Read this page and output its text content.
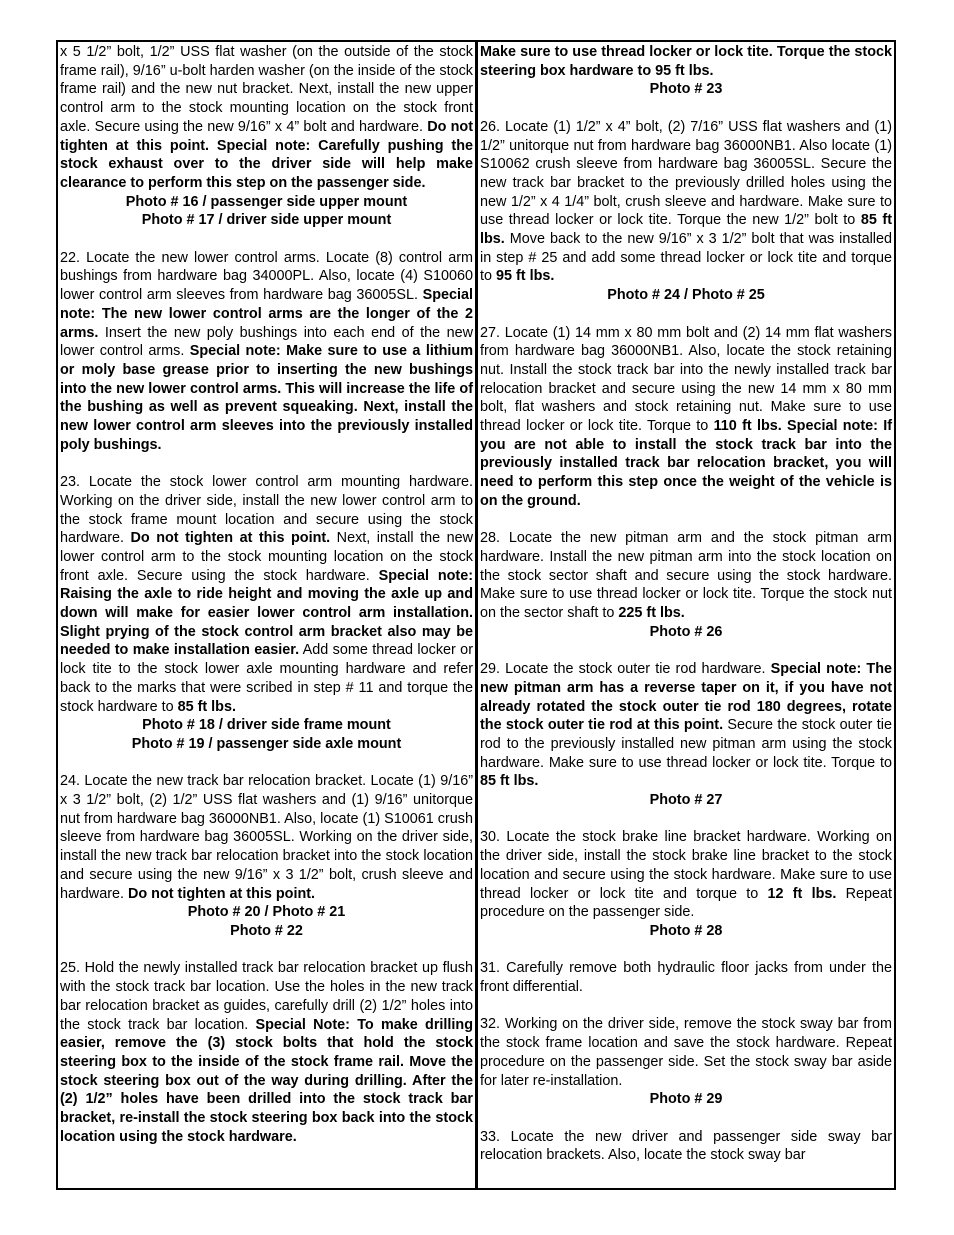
x 5 1/2” bolt, 1/2” USS flat washer (on the outside of the stock frame rail), 9/16” u-bolt harden washer (on the inside of the stock frame rail) and the new nut bracket. Next, install the new upper control arm to the stock mounting location on the stock front axle. Secure using the new 9/16” x 4” bolt and hardware. Do not tighten at this point. Special note: Carefully pushing the stock exhaust over to the driver side will help make clearance to perform this step on the passenger side.

Photo # 16 / passenger side upper mount
Photo # 17 / driver side upper mount

22. Locate the new lower control arms. Locate (8) control arm bushings from hardware bag 34000PL. Also, locate (4) S10060 lower control arm sleeves from hardware bag 36005SL. Special note: The new lower control arms are the longer of the 2 arms. Insert the new poly bushings into each end of the new lower control arms. Special note: Make sure to use a lithium or moly base grease prior to inserting the new bushings into the new lower control arms. This will increase the life of the bushing as well as prevent squeaking. Next, install the new lower control arm sleeves into the previously installed poly bushings.

23. Locate the stock lower control arm mounting hardware. Working on the driver side, install the new lower control arm to the stock frame mount location and secure using the stock hardware. Do not tighten at this point. Next, install the new lower control arm to the stock mounting location on the stock front axle. Secure using the stock hardware. Special note: Raising the axle to ride height and moving the axle up and down will make for easier lower control arm installation. Slight prying of the stock control arm bracket also may be needed to make installation easier. Add some thread locker or lock tite to the stock lower axle mounting hardware and refer back to the marks that were scribed in step # 11 and torque the stock hardware to 85 ft lbs.

Photo # 18 / driver side frame mount
Photo # 19 / passenger side axle mount

24. Locate the new track bar relocation bracket. Locate (1) 9/16” x 3 1/2” bolt, (2) 1/2” USS flat washers and (1) 9/16” unitorque nut from hardware bag 36000NB1. Also, locate (1) S10061 crush sleeve from hardware bag 36005SL. Working on the driver side, install the new track bar relocation bracket into the stock location and secure using the new 9/16” x 3 1/2” bolt, crush sleeve and hardware. Do not tighten at this point.

Photo # 20 / Photo # 21
Photo # 22

25. Hold the newly installed track bar relocation bracket up flush with the stock track bar location. Use the holes in the new track bar relocation bracket as guides, carefully drill (2) 1/2” holes into the stock track bar location. Special Note: To make drilling easier, remove the (3) stock bolts that hold the stock steering box to the inside of the stock frame rail. Move the stock steering box out of the way during drilling. After the (2) 1/2” holes have been drilled into the stock track bar bracket, re-install the stock steering box back into the stock location using the stock hardware.

Make sure to use thread locker or lock tite. Torque the stock steering box hardware to 95 ft lbs.

Photo # 23

26. Locate (1) 1/2” x 4” bolt, (2) 7/16” USS flat washers and (1) 1/2” unitorque nut from hardware bag 36000NB1. Also locate (1) S10062 crush sleeve from hardware bag 36005SL. Secure the new track bar bracket to the previously drilled holes using the new 1/2” x 4 1/4” bolt, crush sleeve and hardware. Make sure to use thread locker or lock tite. Torque the new 1/2” bolt to 85 ft lbs. Move back to the new 9/16” x 3 1/2” bolt that was installed in step # 25 and add some thread locker or lock tite and torque to 95 ft lbs.

Photo # 24 / Photo # 25

27. Locate (1) 14 mm x 80 mm bolt and (2) 14 mm flat washers from hardware bag 36000NB1. Also, locate the stock retaining nut. Install the stock track bar into the newly installed track bar relocation bracket and secure using the new 14 mm x 80 mm bolt, flat washers and stock retaining nut. Make sure to use thread locker or lock tite. Torque to 110 ft lbs. Special note: If you are not able to install the stock track bar into the previously installed track bar relocation bracket, you will need to perform this step once the weight of the vehicle is on the ground.

28. Locate the new pitman arm and the stock pitman arm hardware. Install the new pitman arm into the stock location on the stock sector shaft and secure using the stock hardware. Make sure to use thread locker or lock tite. Torque the stock nut on the sector shaft to 225 ft lbs.

Photo # 26

29. Locate the stock outer tie rod hardware. Special note: The new pitman arm has a reverse taper on it, if you have not already rotated the stock outer tie rod 180 degrees, rotate the stock outer tie rod at this point. Secure the stock outer tie rod to the previously installed new pitman arm using the stock hardware. Make sure to use thread locker or lock tite. Torque to 85 ft lbs.

Photo # 27

30. Locate the stock brake line bracket hardware. Working on the driver side, install the stock brake line bracket to the stock location and secure using the stock hardware. Make sure to use thread locker or lock tite and torque to 12 ft lbs. Repeat procedure on the passenger side.

Photo # 28

31. Carefully remove both hydraulic floor jacks from under the front differential.

32. Working on the driver side, remove the stock sway bar from the stock frame location and save the stock hardware. Repeat procedure on the passenger side. Set the stock sway bar aside for later re-installation.

Photo # 29

33. Locate the new driver and passenger side sway bar relocation brackets. Also, locate the stock sway bar
